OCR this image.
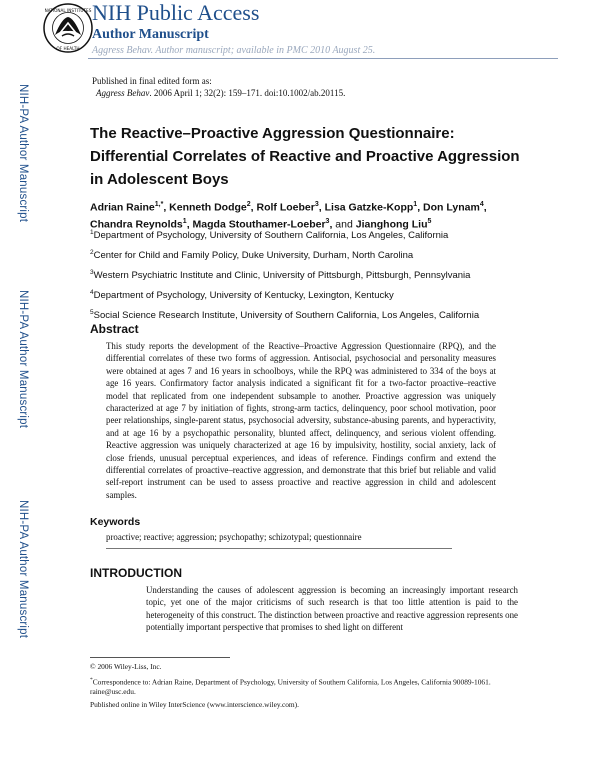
NIH-PA Author Manuscript
NIH-PA Author Manuscript
NIH-PA Author Manuscript
NATIONAL INSTITUTES
OF HEALTH
NIH Public Access
Author Manuscript
Aggress Behav. Author manuscript; available in PMC 2010 August 25.
Published in final edited form as:
Aggress Behav. 2006 April 1; 32(2): 159–171. doi:10.1002/ab.20115.
The Reactive–Proactive Aggression Questionnaire: Differential Correlates of Reactive and Proactive Aggression in Adolescent Boys
Adrian Raine$^{1,*}$, Kenneth Dodge$^2$, Rolf Loeber$^3$, Lisa Gatzke-Kopp$^1$, Don Lynam$^4$, Chandra Reynolds$^1$, Magda Stouthamer-Loeber$^3$, and Jianghong Liu$^5$
$^1$Department of Psychology, University of Southern California, Los Angeles, California
$^2$Center for Child and Family Policy, Duke University, Durham, North Carolina
$^3$Western Psychiatric Institute and Clinic, University of Pittsburgh, Pittsburgh, Pennsylvania
$^4$Department of Psychology, University of Kentucky, Lexington, Kentucky
$^5$Social Science Research Institute, University of Southern California, Los Angeles, California
Abstract
This study reports the development of the Reactive–Proactive Aggression Questionnaire (RPQ), and the differential correlates of these two forms of aggression. Antisocial, psychosocial and personality measures were obtained at ages 7 and 16 years in schoolboys, while the RPQ was administered to 334 of the boys at age 16 years. Confirmatory factor analysis indicated a significant fit for a two-factor proactive–reactive model that replicated from one independent subsample to another. Proactive aggression was uniquely characterized at age 7 by initiation of fights, strong-arm tactics, delinquency, poor school motivation, poor peer relationships, single-parent status, psychosocial adversity, substance-abusing parents, and hyperactivity, and at age 16 by a psychopathic personality, blunted affect, delinquency, and serious violent offending. Reactive aggression was uniquely characterized at age 16 by impulsivity, hostility, social anxiety, lack of close friends, unusual perceptual experiences, and ideas of reference. Findings confirm and extend the differential correlates of proactive–reactive aggression, and demonstrate that this brief but reliable and valid self-report instrument can be used to assess proactive and reactive aggression in child and adolescent samples.
Keywords
proactive; reactive; aggression; psychopathy; schizotypal; questionnaire
INTRODUCTION
Understanding the causes of adolescent aggression is becoming an increasingly important research topic, yet one of the major criticisms of such research is that too little attention is paid to the heterogeneity of this construct. The distinction between proactive and reactive aggression represents one potentially important perspective that promises to shed light on different

© 2006 Wiley-Liss, Inc.

*Correspondence to: Adrian Raine, Department of Psychology, University of Southern California, Los Angeles, California 90089-1061. raine@usc.edu.

Published online in Wiley InterScience (www.interscience.wiley.com).
